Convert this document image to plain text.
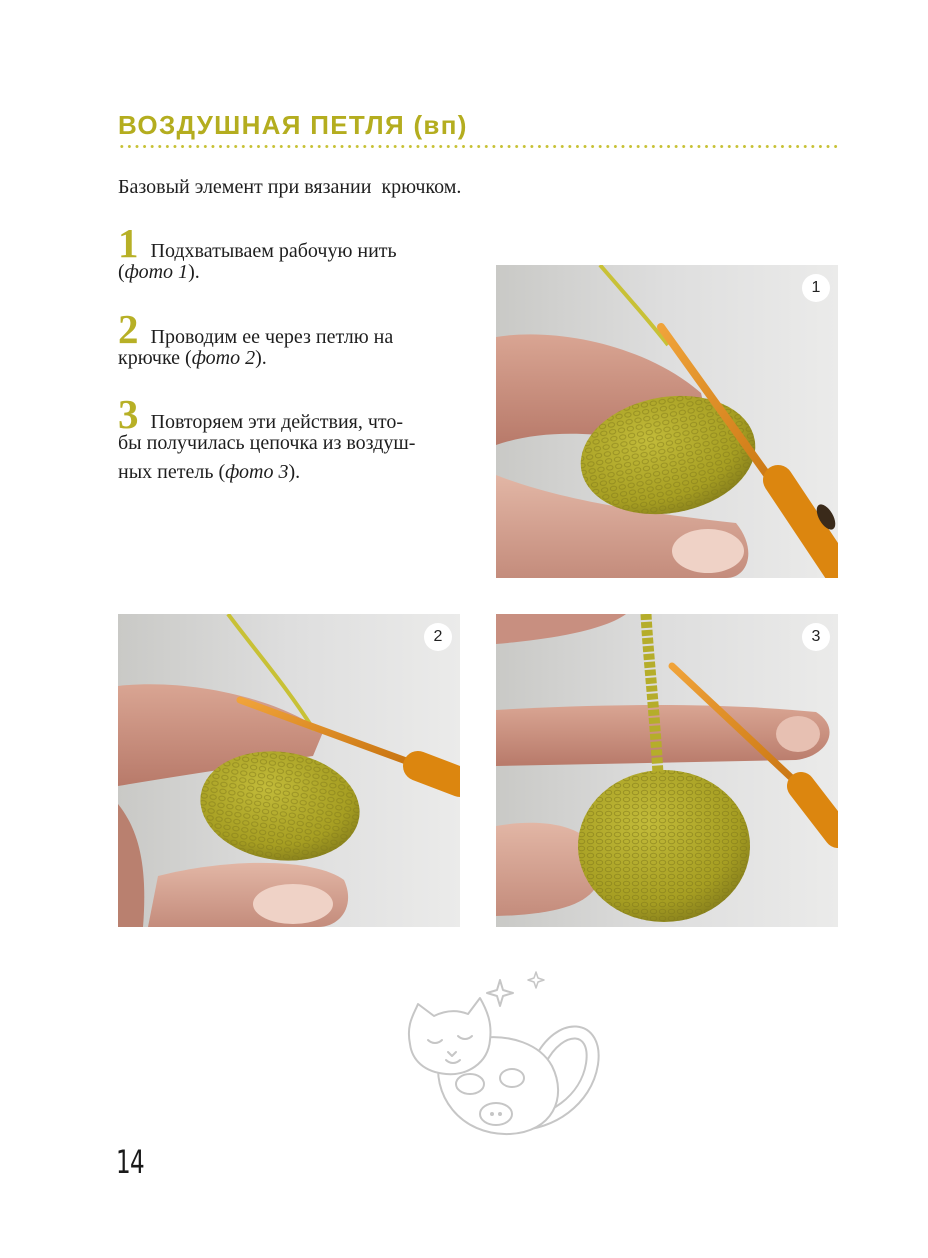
ВОЗДУШНАЯ ПЕТЛЯ (вп)
Базовый элемент при вязании  крючком.
1 Подхватываем рабочую нить
(фото 1).
2 Проводим ее через петлю на
крючке (фото 2).
3 Повторяем эти действия, что-
бы получилась цепочка из воздуш-
ных петель (фото 3).
1
2	3
14
